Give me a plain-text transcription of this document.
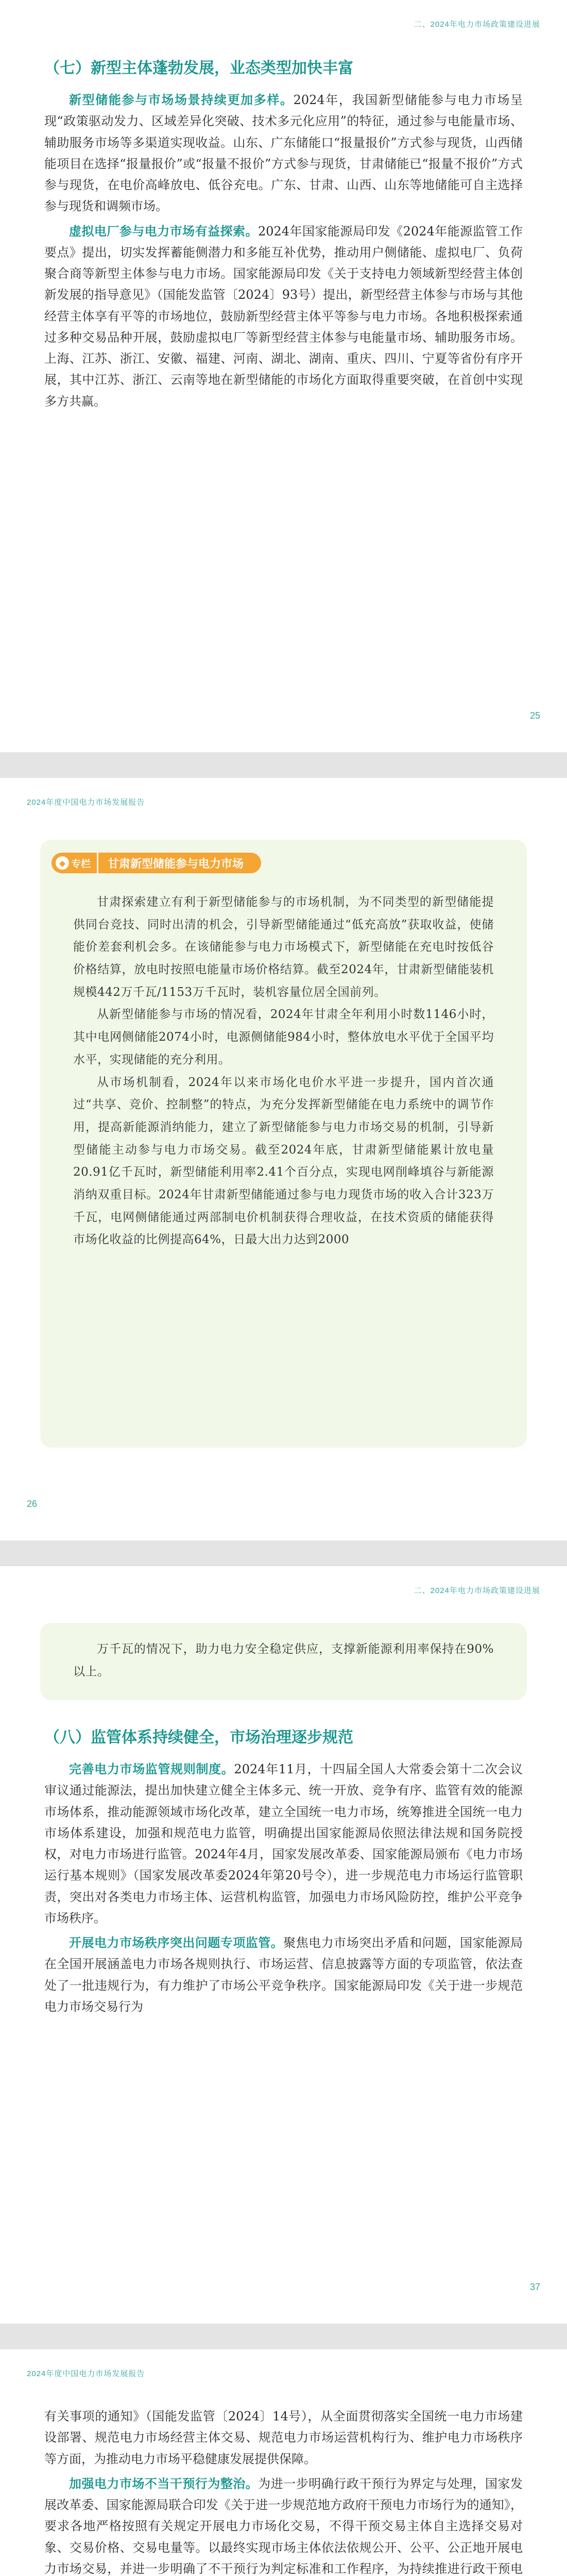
二、2024年电力市场政策建设进展
（七）新型主体蓬勃发展，业态类型加快丰富

新型储能参与市场场景持续更加多样。2024年，我国新型储能参与电力市场呈现“政策驱动发力、区域差异化突破、技术多元化应用”的特征，通过参与电能量市场、辅助服务市场等多渠道实现收益。山东、广东储能口“报量报价”方式参与现货，山西储能项目在选择“报量报价”或“报量不报价”方式参与现货，甘肃储能已“报量不报价”方式参与现货，在电价高峰放电、低谷充电。广东、甘肃、山西、山东等地储能可自主选择参与现货和调频市场。

虚拟电厂参与电力市场有益探索。2024年国家能源局印发《2024年能源监管工作要点》提出，切实发挥蓄能侧潜力和多能互补优势，推动用户侧储能、虚拟电厂、负荷聚合商等新型主体参与电力市场。国家能源局印发《关于支持电力领域新型经营主体创新发展的指导意见》（国能发监管〔2024〕93号）提出，新型经营主体参与市场与其他经营主体享有平等的市场地位，鼓励新型经营主体平等参与电力市场。各地积极探索通过多种交易品种开展，鼓励虚拟电厂等新型经营主体参与电能量市场、辅助服务市场。上海、江苏、浙江、安徽、福建、河南、湖北、湖南、重庆、四川、宁夏等省份有序开展，其中江苏、浙江、云南等地在新型储能的市场化方面取得重要突破，在首创中实现多方共赢。

25
2024年度中国电力市场发展报告
◆ 专栏	甘肃新型储能参与电力市场

甘肃探索建立有利于新型储能参与的市场机制，为不同类型的新型储能提供同台竞技、同时出清的机会，引导新型储能通过“低充高放”获取收益，使储能价差套利机会多。在该储能参与电力市场模式下，新型储能在充电时按低谷价格结算，放电时按照电能量市场价格结算。截至2024年，甘肃新型储能装机规模442万千瓦/1153万千瓦时，装机容量位居全国前列。

从新型储能参与市场的情况看，2024年甘肃全年利用小时数1146小时，其中电网侧储能2074小时，电源侧储能984小时，整体放电水平优于全国平均水平，实现储能的充分利用。

从市场机制看，2024年以来市场化电价水平进一步提升，国内首次通过“共享、竞价、控制整”的特点，为充分发挥新型储能在电力系统中的调节作用，提高新能源消纳能力，建立了新型储能参与电力市场交易的机制，引导新型储能主动参与电力市场交易。截至2024年底，甘肃新型储能累计放电量20.91亿千瓦时，新型储能利用率2.41个百分点，实现电网削峰填谷与新能源消纳双重目标。2024年甘肃新型储能通过参与电力现货市场的收入合计323万千瓦，电网侧储能通过两部制电价机制获得合理收益，在技术资质的储能获得市场化收益的比例提高64%，日最大出力达到2000

26
二、2024年电力市场政策建设进展

万千瓦的情况下，助力电力安全稳定供应，支撑新能源利用率保持在90%以上。

（八）监管体系持续健全，市场治理逐步规范

完善电力市场监管规则制度。2024年11月，十四届全国人大常委会第十二次会议审议通过能源法，提出加快建立健全主体多元、统一开放、竞争有序、监管有效的能源市场体系，推动能源领域市场化改革，建立全国统一电力市场，统筹推进全国统一电力市场体系建设，加强和规范电力监管，明确提出国家能源局依照法律法规和国务院授权，对电力市场进行监管。2024年4月，国家发展改革委、国家能源局颁布《电力市场运行基本规则》（国家发展改革委2024年第20号令），进一步规范电力市场运行监管职责，突出对各类电力市场主体、运营机构监管，加强电力市场风险防控，维护公平竞争市场秩序。

开展电力市场秩序突出问题专项监管。聚焦电力市场突出矛盾和问题，国家能源局在全国开展涵盖电力市场各规则执行、市场运营、信息披露等方面的专项监管，依法查处了一批违规行为，有力维护了市场公平竞争秩序。国家能源局印发《关于进一步规范电力市场交易行为

37
2024年度中国电力市场发展报告

有关事项的通知》（国能发监管〔2024〕14号），从全面贯彻落实全国统一电力市场建设部署、规范电力市场经营主体交易、规范电力市场运营机构行为、维护电力市场秩序等方面，为推动电力市场平稳健康发展提供保障。

加强电力市场不当干预行为整治。为进一步明确行政干预行为界定与处理，国家发展改革委、国家能源局联合印发《关于进一步规范地方政府干预电力市场行为的通知》，要求各地严格按照有关规定开展电力市场化交易，不得干预交易主体自主选择交易对象、交易价格、交易电量等。以最终实现市场主体依法依规公开、公平、公正地开展电力市场交易，并进一步明确了不干预行为判定标准和工作程序，为持续推进行政干预电
